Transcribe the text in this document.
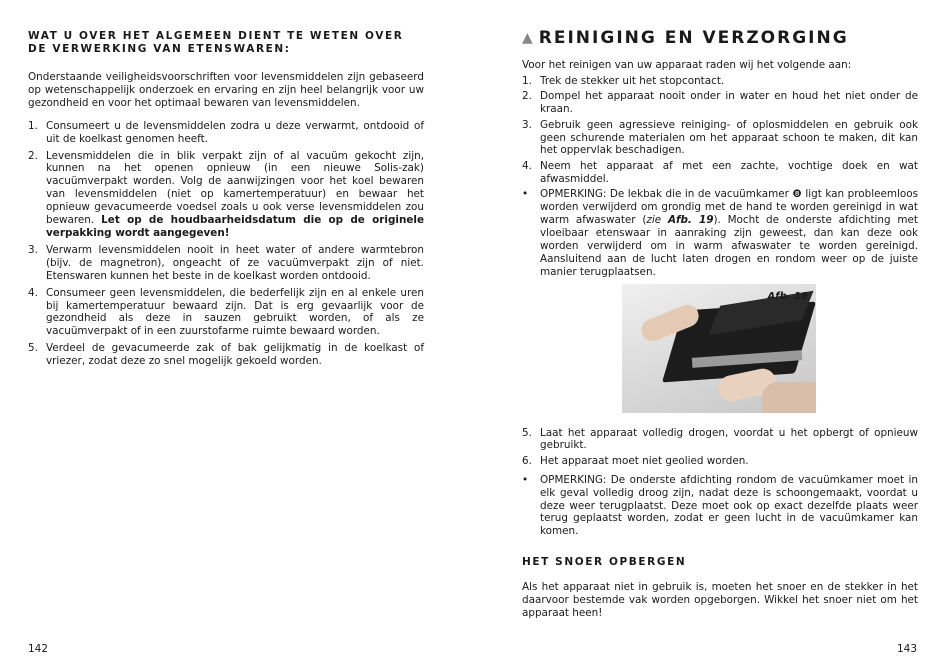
WAT U OVER HET ALGEMEEN DIENT TE WETEN OVER DE VERWERKING VAN ETENSWAREN:

Onderstaande veiligheidsvoorschriften voor levensmiddelen zijn gebaseerd op wetenschappelijk onderzoek en ervaring en zijn heel belangrijk voor uw gezondheid en voor het optimaal bewaren van levensmiddelen.

1. Consumeert u de levensmiddelen zodra u deze verwarmt, ontdooid of uit de koelkast genomen heeft.
2. Levensmiddelen die in blik verpakt zijn of al vacuüm gekocht zijn, kunnen na het openen opnieuw (in een nieuwe Solis-zak) vacuümverpakt worden. Volg de aanwijzingen voor het koel bewaren van levensmiddelen (niet op kamertemperatuur) en bewaar het opnieuw gevacumeerde voedsel zoals u ook verse levensmiddelen zou bewaren. Let op de houdbaarheidsdatum die op de originele verpakking wordt aangegeven!
3. Verwarm levensmiddelen nooit in heet water of andere warmtebron (bijv. de magnetron), ongeacht of ze vacuümverpakt zijn of niet. Etenswaren kunnen het beste in de koelkast worden ontdooid.
4. Consumeer geen levensmiddelen, die bederfelijk zijn en al enkele uren bij kamertemperatuur bewaard zijn. Dat is erg gevaarlijk voor de gezondheid als deze in sauzen gebruikt worden, of als ze vacuümverpakt of in een zuurstofarme ruimte bewaard worden.
5. Verdeel de gevacumeerde zak of bak gelijkmatig in de koelkast of vriezer, zodat deze zo snel mogelijk gekoeld worden.
142
▲ REINIGING EN VERZORGING

Voor het reinigen van uw apparaat raden wij het volgende aan:

1. Trek de stekker uit het stopcontact.
2. Dompel het apparaat nooit onder in water en houd het niet onder de kraan.
3. Gebruik geen agressieve reiniging- of oplosmiddelen en gebruik ook geen schurende materialen om het apparaat schoon te maken, dit kan het oppervlak beschadigen.
4. Neem het apparaat af met een zachte, vochtige doek en wat afwasmiddel.
•	OPMERKING: De lekbak die in de vacuümkamer ❽ ligt kan probleemloos worden verwijderd om grondig met de hand te worden gereinigd in wat warm afwaswater (zie Afb. 19). Mocht de onderste afdichting met vloeibaar etenswaar in aanraking zijn geweest, dan kan deze ook worden verwijderd om in warm afwaswater te worden gereinigd. Aansluitend aan de lucht laten drogen en rondom weer op de juiste manier terugplaatsen.
Afb. 19
5. Laat het apparaat volledig drogen, voordat u het opbergt of opnieuw gebruikt.
6. Het apparaat moet niet geolied worden.
•	OPMERKING: De onderste afdichting rondom de vacuümkamer moet in elk geval volledig droog zijn, nadat deze is schoongemaakt, voordat u deze weer terugplaatst. Deze moet ook op exact dezelfde plaats weer terug geplaatst worden, zodat er geen lucht in de vacuümkamer kan komen.
HET SNOER OPBERGEN

Als het apparaat niet in gebruik is, moeten het snoer en de stekker in het daarvoor bestemde vak worden opgeborgen. Wikkel het snoer niet om het apparaat heen!

143
